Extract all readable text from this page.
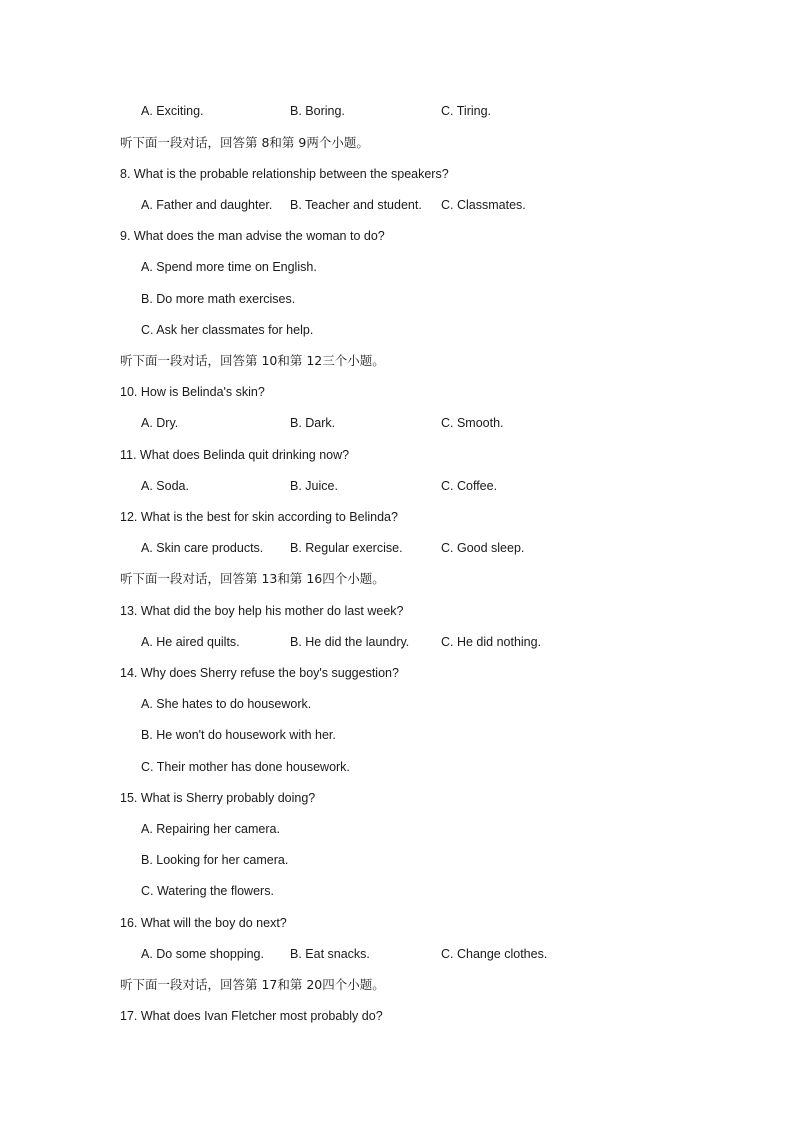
A. Exciting.	B. Boring.	C. Tiring.
听下面一段对话，回答第 8和第 9两个小题。
8. What is the probable relationship between the speakers?
A. Father and daughter. B. Teacher and student. C. Classmates.
9. What does the man advise the woman to do?
A. Spend more time on English.
B. Do more math exercises.
C. Ask her classmates for help.
听下面一段对话，回答第 10和第 12三个小题。
10. How is Belinda's skin?
A. Dry.	B. Dark.	C. Smooth.
11. What does Belinda quit drinking now?
A. Soda.	B. Juice.	C. Coffee.
12. What is the best for skin according to Belinda?
A. Skin care products. B. Regular exercise.	C. Good sleep.
听下面一段对话，回答第 13和第 16四个小题。
13. What did the boy help his mother do last week?
A. He aired quilts.	B. He did the laundry.	C. He did nothing.
14. Why does Sherry refuse the boy's suggestion?
A. She hates to do housework.
B. He won't do housework with her.
C. Their mother has done housework.
15. What is Sherry probably doing?
A. Repairing her camera.
B. Looking for her camera.
C. Watering the flowers.
16. What will the boy do next?
A. Do some shopping. B. Eat snacks.	C. Change clothes.
听下面一段对话，回答第 17和第 20四个小题。
17. What does Ivan Fletcher most probably do?
